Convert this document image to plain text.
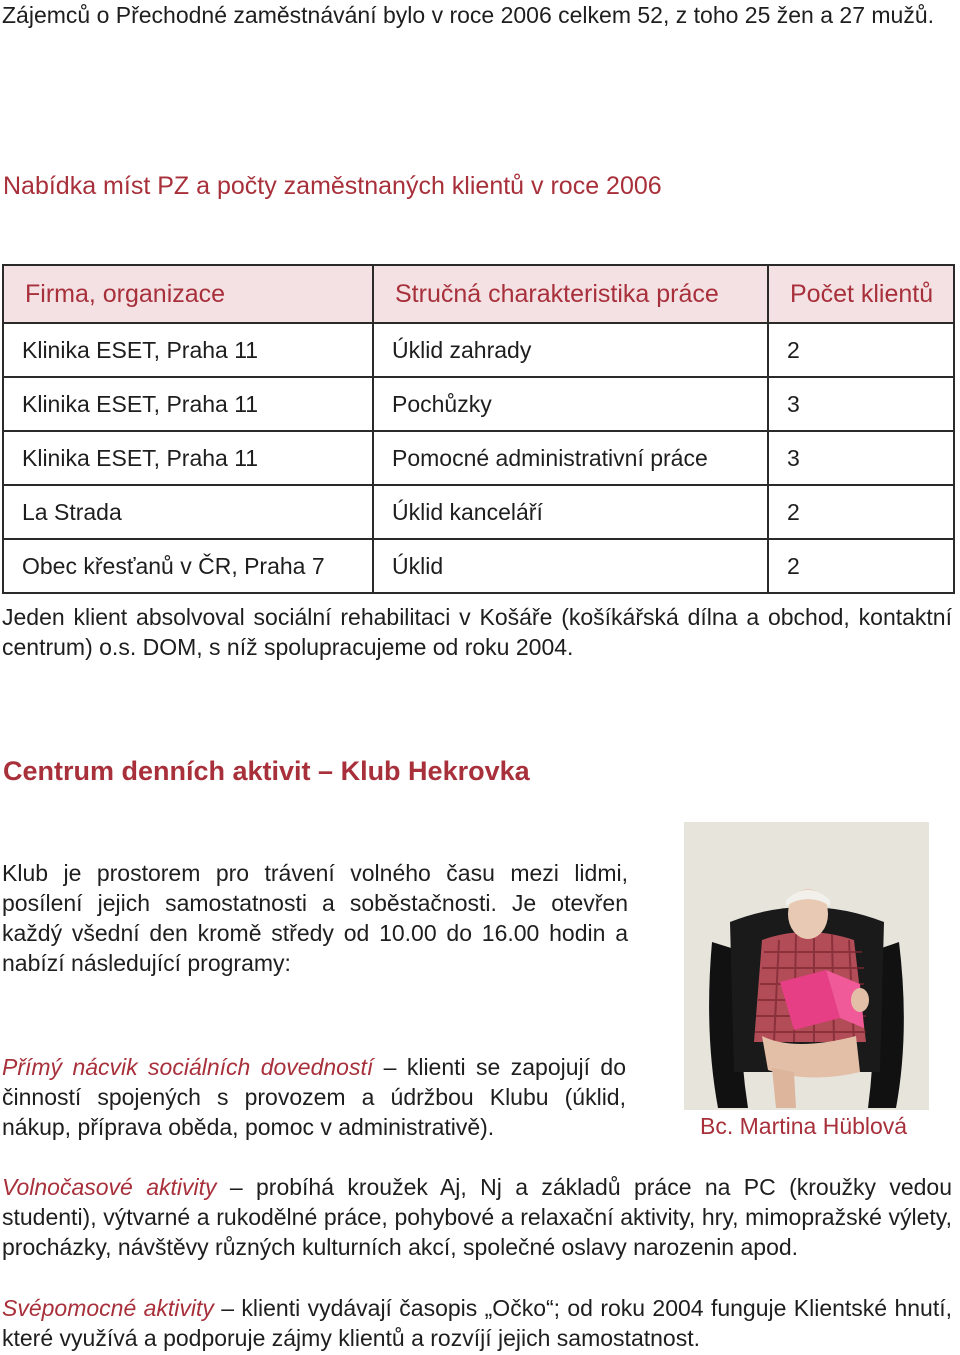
Zájemců o Přechodné zaměstnávání bylo v roce 2006 celkem 52, z toho 25 žen a 27 mužů.
Nabídka míst PZ a počty zaměstnaných klientů v roce 2006
Firma, organizace	Stručná charakteristika práce	Počet klientů
Klinika ESET, Praha 11	Úklid zahrady	2
Klinika ESET, Praha 11	Pochůzky	3
Klinika ESET, Praha 11	Pomocné administrativní práce	3
La Strada	Úklid kanceláří	2
Obec křesťanů v ČR, Praha 7	Úklid	2
Jeden klient absolvoval sociální rehabilitaci v Košáře (košíkářská dílna a obchod, kontaktní centrum) o.s. DOM, s níž spolupracujeme od roku 2004.
Centrum denních aktivit – Klub Hekrovka
Klub je prostorem pro trávení volného času mezi lidmi, posílení jejich samostatnosti a soběstačnosti. Je otevřen každý všední den kromě středy od 10.00 do 16.00 hodin a nabízí následující programy:
Bc. Martina Hüblová
Přímý nácvik sociálních dovedností – klienti se zapojují do činností spojených s provozem a údržbou Klubu (úklid, nákup, příprava oběda, pomoc v administrativě).
Volnočasové aktivity – probíhá kroužek Aj, Nj a základů práce na PC (kroužky vedou studenti), výtvarné a rukodělné práce, pohybové a relaxační aktivity, hry, mimopražské výlety, procházky, návštěvy různých kulturních akcí, společné oslavy narozenin apod.
Svépomocné aktivity – klienti vydávají časopis „Očko“; od roku 2004 funguje Klientské hnutí, které využívá a podporuje zájmy klientů a rozvíjí jejich samostatnost.
